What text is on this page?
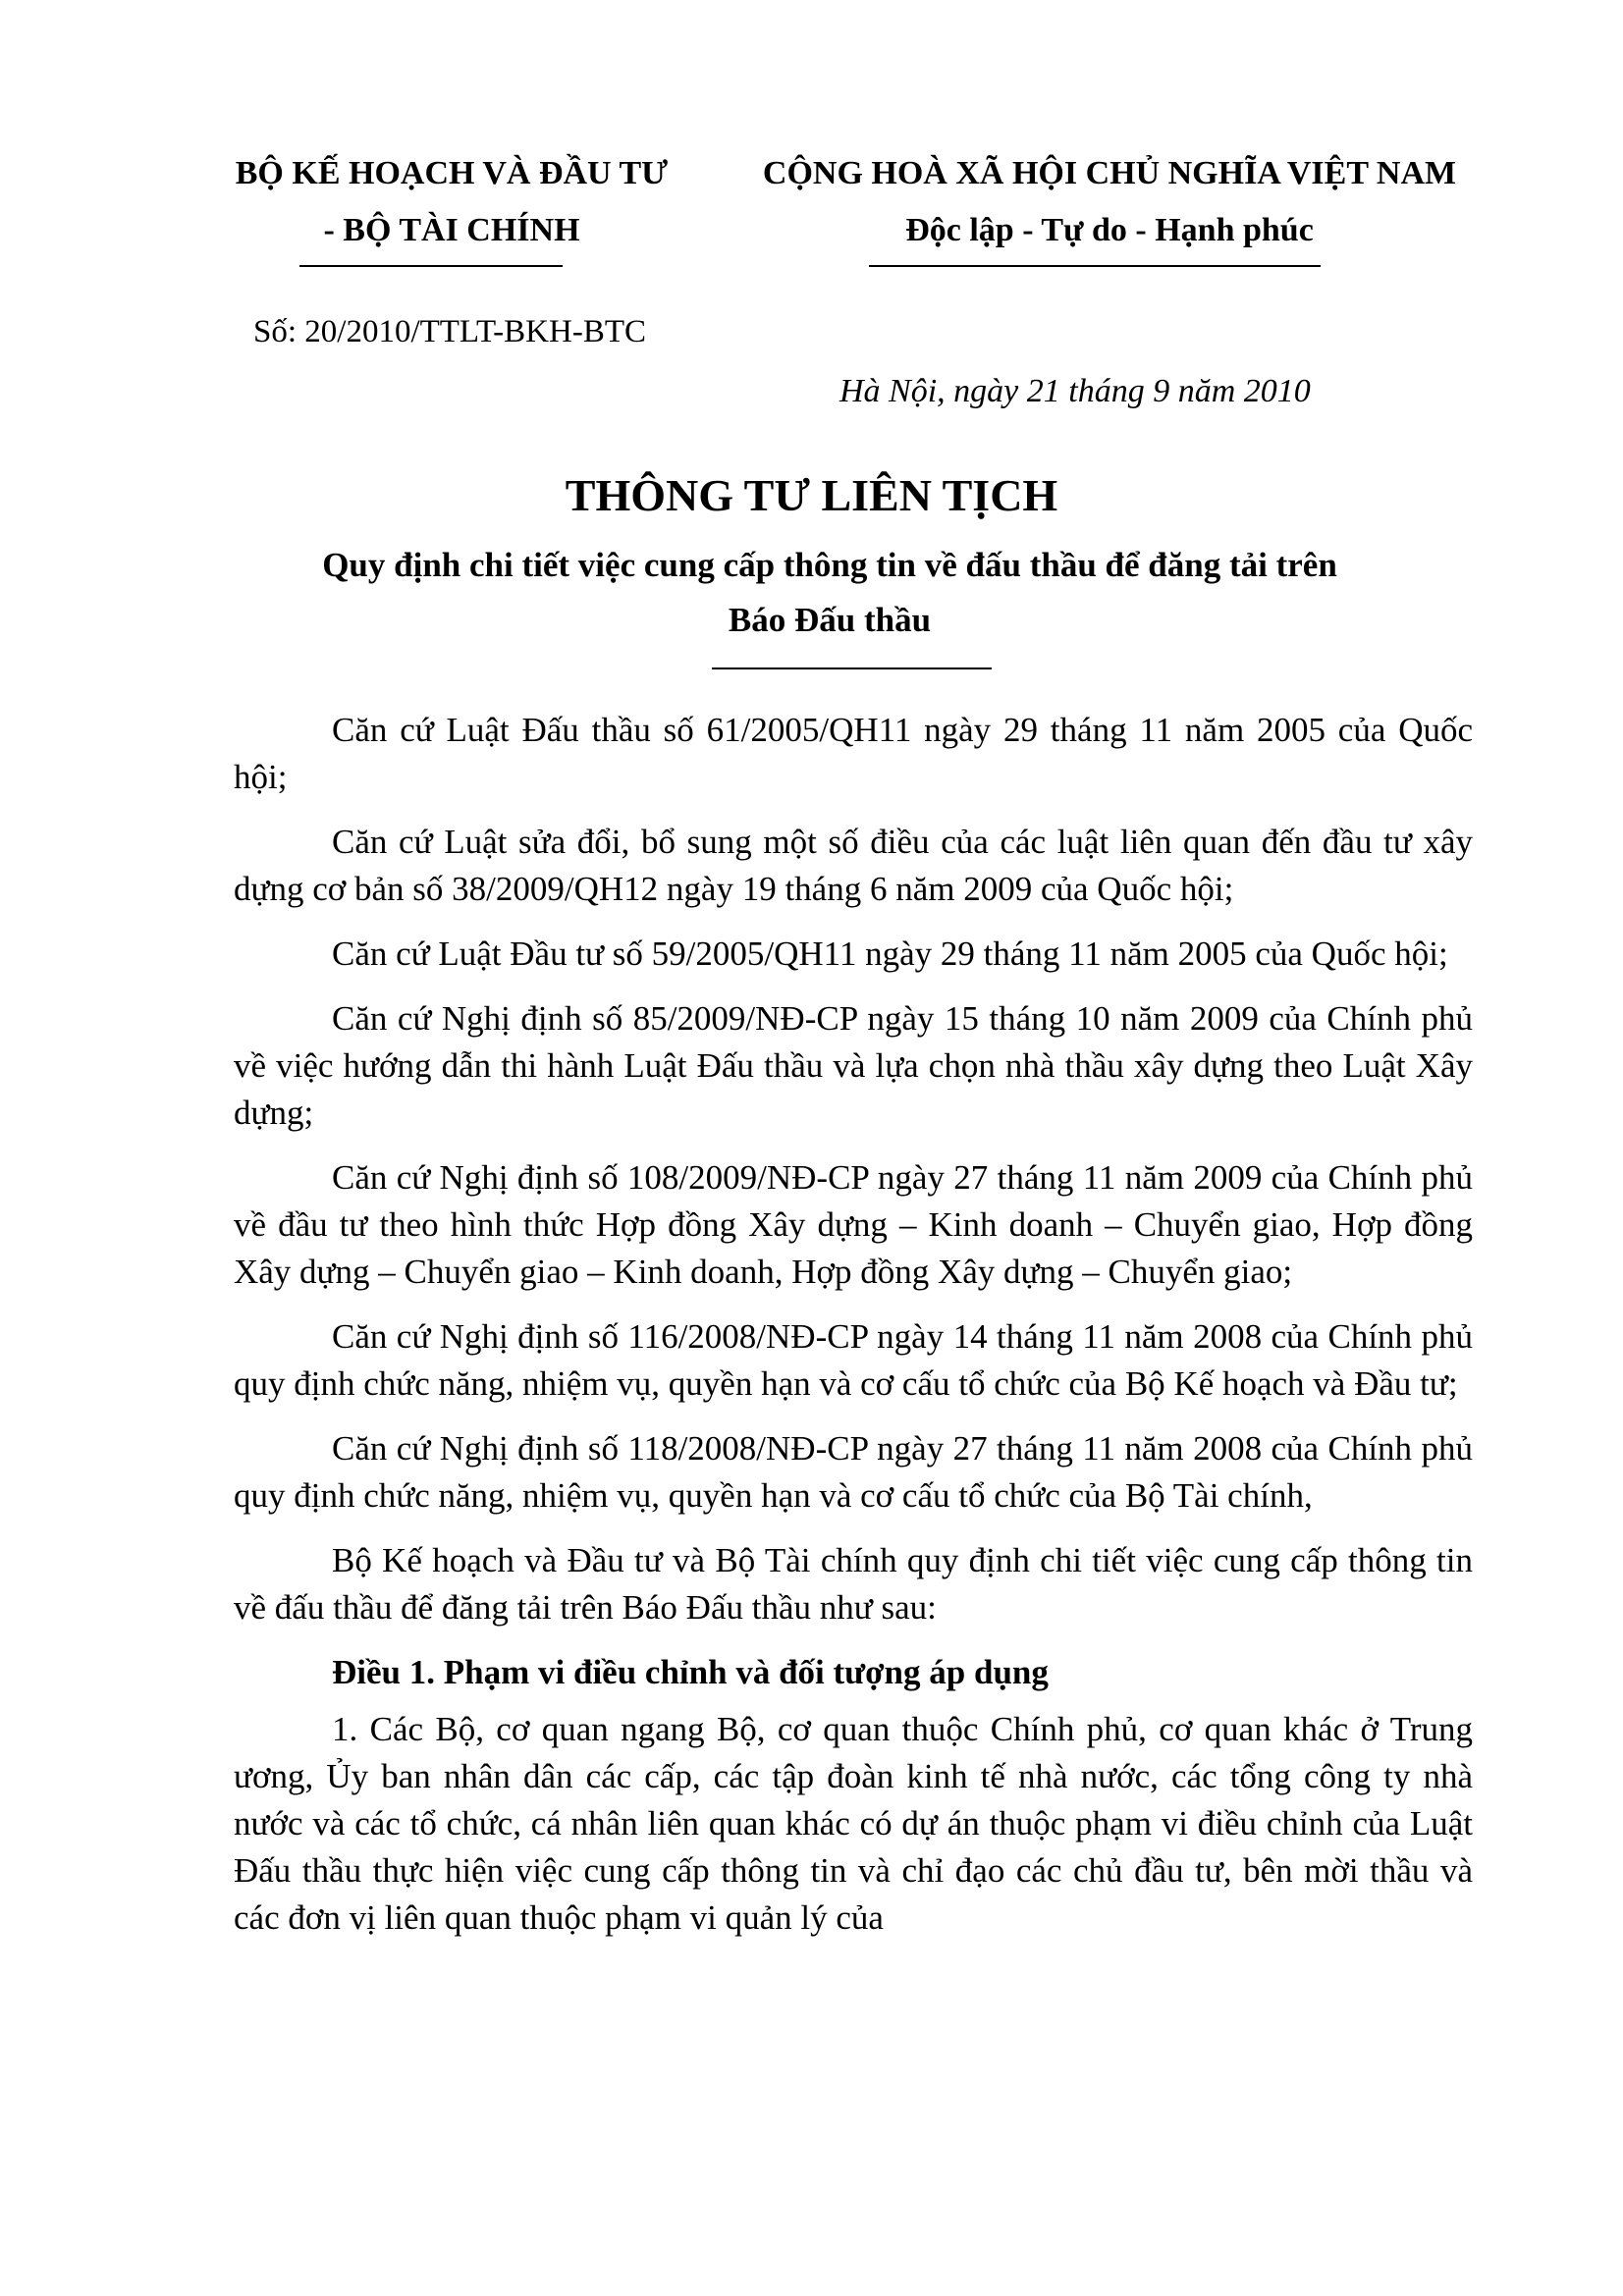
BỘ KẾ HOẠCH VÀ ĐẦU TƯ
- BỘ TÀI CHÍNH
CỘNG HOÀ XÃ HỘI CHỦ NGHĨA VIỆT NAM
Độc lập - Tự do - Hạnh phúc
Số: 20/2010/TTLT-BKH-BTC
Hà Nội, ngày 21 tháng 9 năm 2010
THÔNG TƯ LIÊN TỊCH
Quy định chi tiết việc cung cấp thông tin về đấu thầu để đăng tải trên Báo Đấu thầu

Căn cứ Luật Đấu thầu số 61/2005/QH11 ngày 29 tháng 11 năm 2005 của Quốc hội;

Căn cứ Luật sửa đổi, bổ sung một số điều của các luật liên quan đến đầu tư xây dựng cơ bản số 38/2009/QH12 ngày 19 tháng 6 năm 2009 của Quốc hội;

Căn cứ Luật Đầu tư số 59/2005/QH11 ngày 29 tháng 11 năm 2005 của Quốc hội;

Căn cứ Nghị định số 85/2009/NĐ-CP ngày 15 tháng 10 năm 2009 của Chính phủ về việc hướng dẫn thi hành Luật Đấu thầu và lựa chọn nhà thầu xây dựng theo Luật Xây dựng;

Căn cứ Nghị định số 108/2009/NĐ-CP ngày 27 tháng 11 năm 2009 của Chính phủ về đầu tư theo hình thức Hợp đồng Xây dựng – Kinh doanh – Chuyển giao, Hợp đồng Xây dựng – Chuyển giao – Kinh doanh, Hợp đồng Xây dựng – Chuyển giao;

Căn cứ Nghị định số 116/2008/NĐ-CP ngày 14 tháng 11 năm 2008 của Chính phủ quy định chức năng, nhiệm vụ, quyền hạn và cơ cấu tổ chức của Bộ Kế hoạch và Đầu tư;

Căn cứ Nghị định số 118/2008/NĐ-CP ngày 27 tháng 11 năm 2008 của Chính phủ quy định chức năng, nhiệm vụ, quyền hạn và cơ cấu tổ chức của Bộ Tài chính,

Bộ Kế hoạch và Đầu tư và Bộ Tài chính quy định chi tiết việc cung cấp thông tin về đấu thầu để đăng tải trên Báo Đấu thầu như sau:

Điều 1. Phạm vi điều chỉnh và đối tượng áp dụng

1. Các Bộ, cơ quan ngang Bộ, cơ quan thuộc Chính phủ, cơ quan khác ở Trung ương, Ủy ban nhân dân các cấp, các tập đoàn kinh tế nhà nước, các tổng công ty nhà nước và các tổ chức, cá nhân liên quan khác có dự án thuộc phạm vi điều chỉnh của Luật Đấu thầu thực hiện việc cung cấp thông tin và chỉ đạo các chủ đầu tư, bên mời thầu và các đơn vị liên quan thuộc phạm vi quản lý của
